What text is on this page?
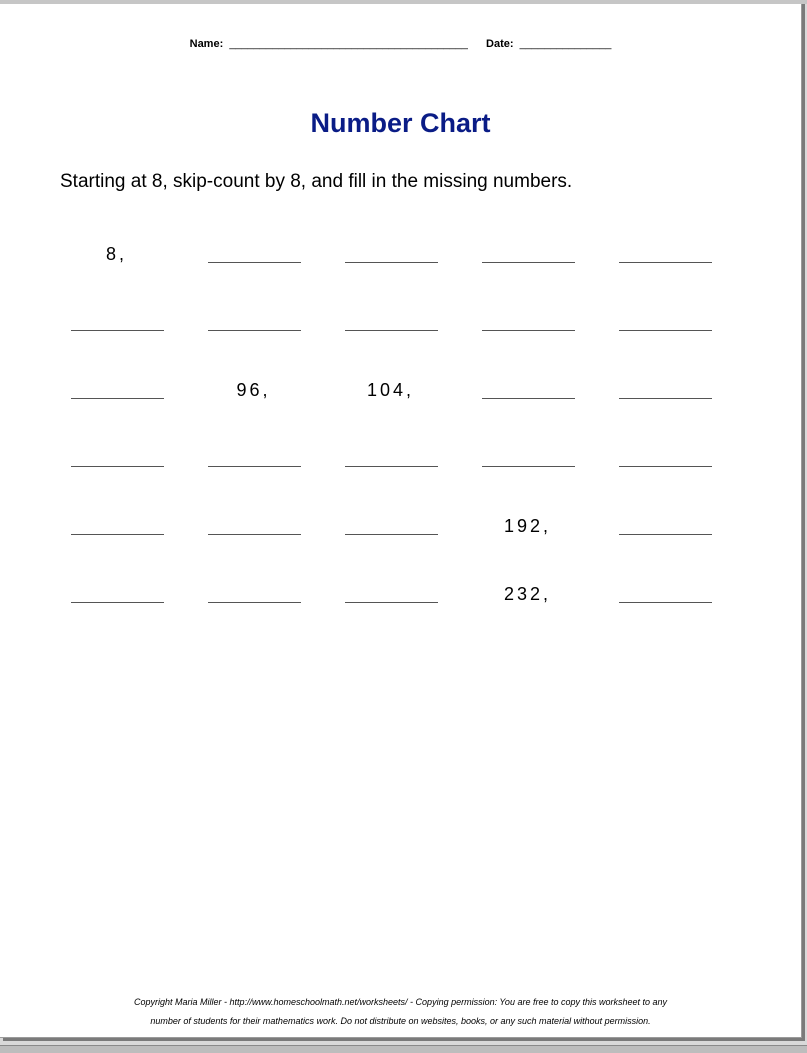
Name: _______________________________________ Date: _______________
Number Chart
Starting at 8, skip-count by 8, and fill in the missing numbers.
8,
96,	104,
192,
232,
Copyright Maria Miller - http://www.homeschoolmath.net/worksheets/ - Copying permission: You are free to copy this worksheet to any
number of students for their mathematics work. Do not distribute on websites, books, or any such material without permission.
